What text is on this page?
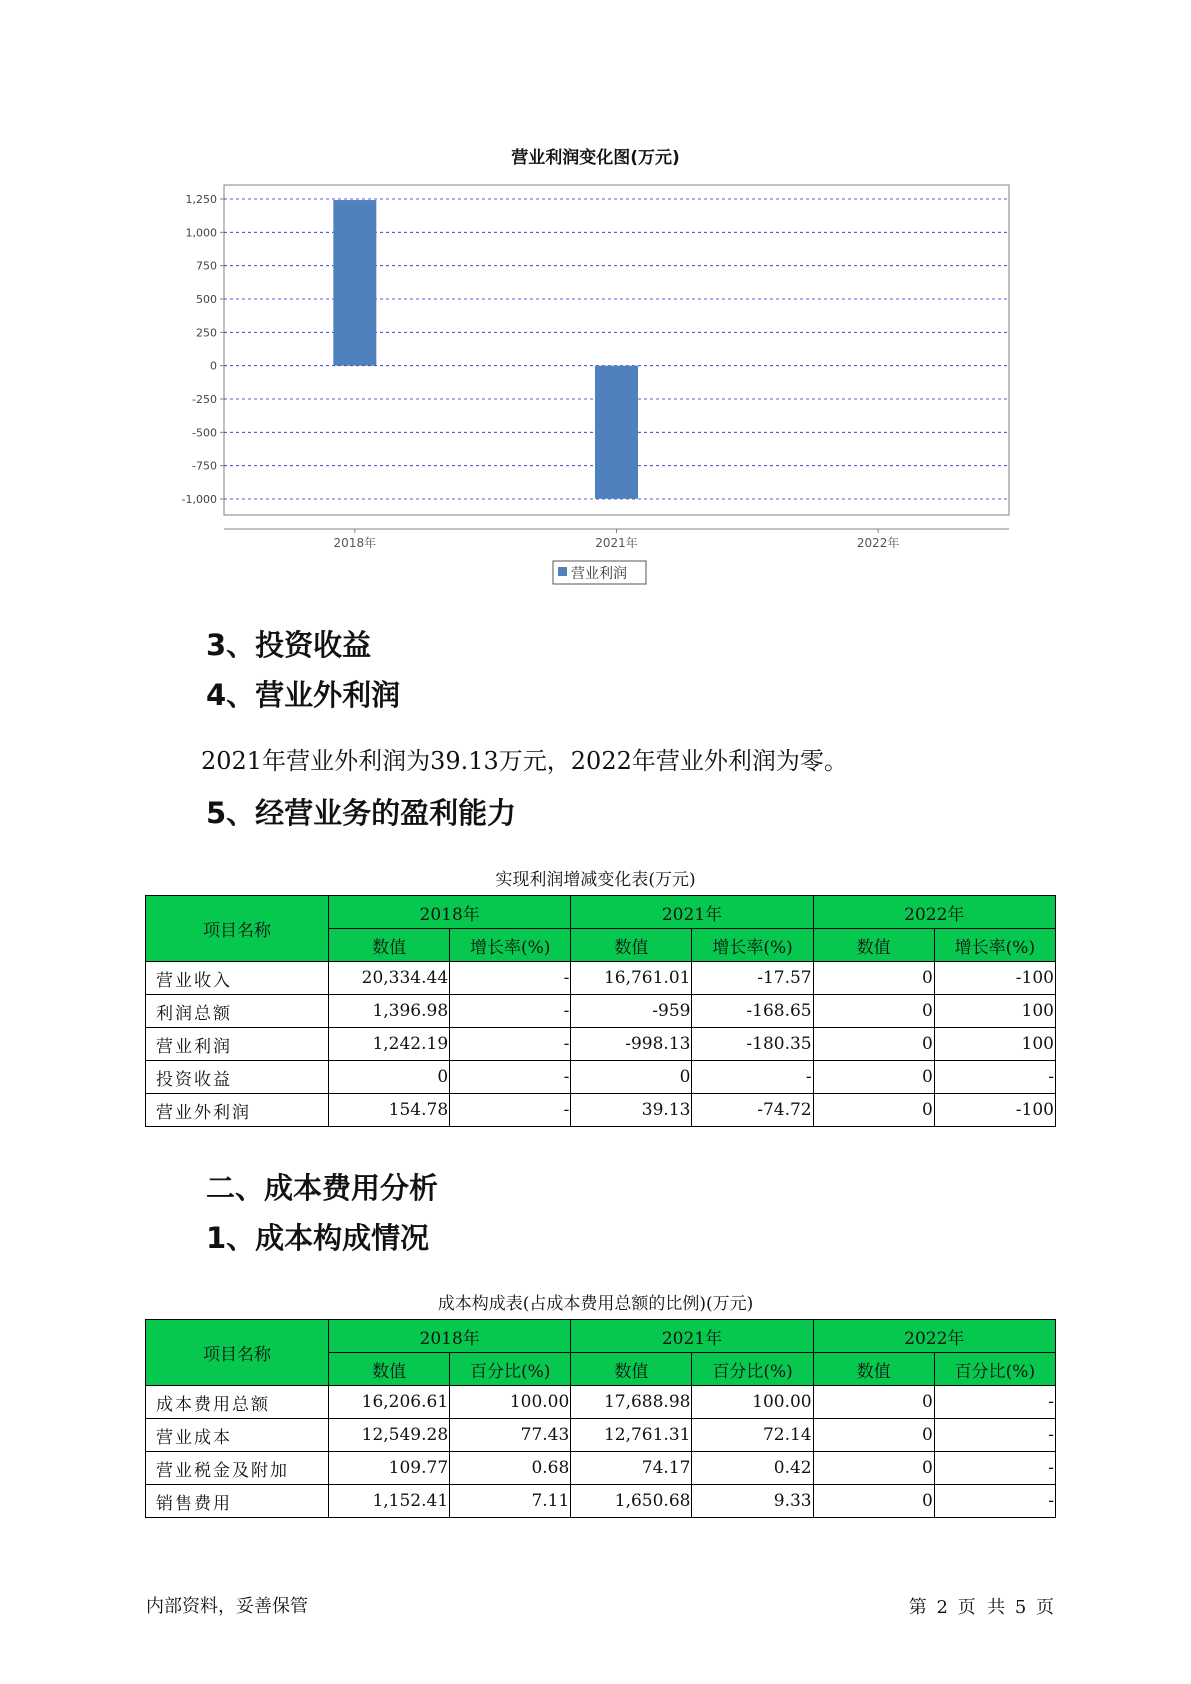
营业利润变化图(万元)
1,250
1,000
750
500
250
0
-250
-500
-750
-1,000
2018年	2021年	2022年
营业利润
3、投资收益
4、营业外利润

2021年营业外利润为39.13万元，2022年营业外利润为零。

5、经营业务的盈利能力
实现利润增减变化表(万元)
项目名称	2018年		2021年		2022年	
	数值	增长率(%)	数值	增长率(%)	数值	增长率(%)
营业收入	20,334.44	-	16,761.01	-17.57	0	-100
利润总额	1,396.98	-	-959	-168.65	0	100
营业利润	1,242.19	-	-998.13	-180.35	0	100
投资收益	0	-	0	-	0	-
营业外利润	154.78	-	39.13	-74.72	0	-100
二、成本费用分析
1、成本构成情况
成本构成表(占成本费用总额的比例)(万元)
项目名称	2018年		2021年		2022年	
	数值	百分比(%)	数值	百分比(%)	数值	百分比(%)
成本费用总额	16,206.61	100.00	17,688.98	100.00	0	-
营业成本	12,549.28	77.43	12,761.31	72.14	0	-
营业税金及附加	109.77	0.68	74.17	0.42	0	-
销售费用	1,152.41	7.11	1,650.68	9.33	0	-
内部资料，妥善保管	第 2 页  共 5 页
